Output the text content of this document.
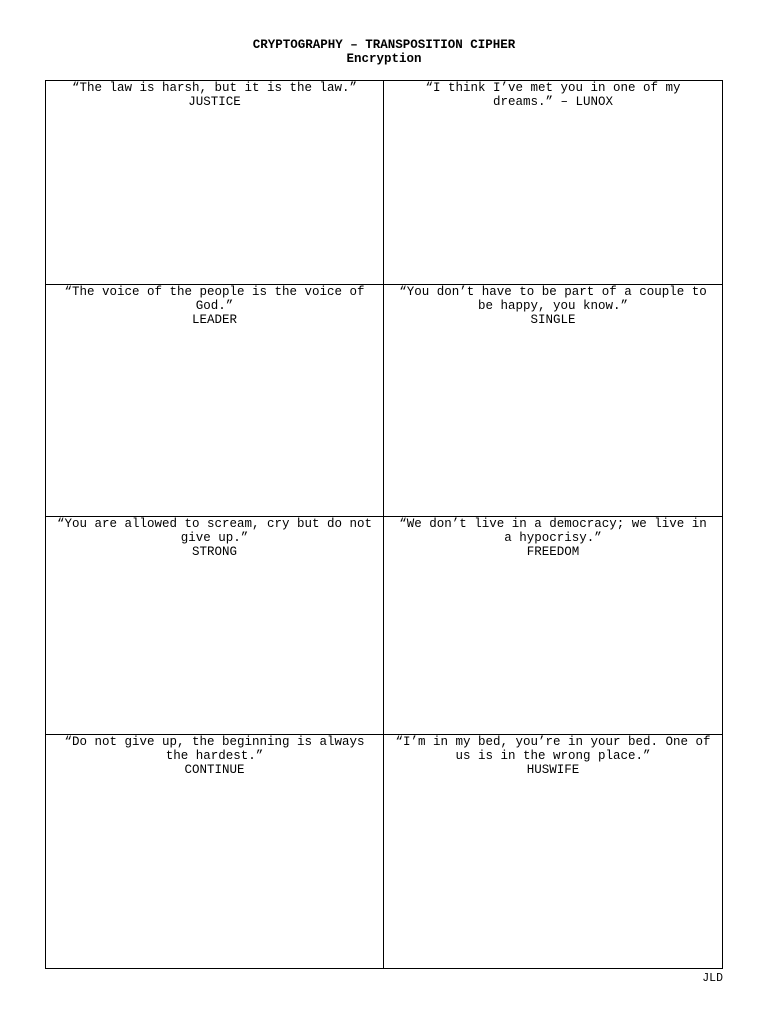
CRYPTOGRAPHY – TRANSPOSITION CIPHER
Encryption
“The law is harsh, but it is the law.”
JUSTICE
“I think I’ve met you in one of my dreams.” – LUNOX
“The voice of the people is the voice of God.”
LEADER
“You don’t have to be part of a couple to be happy, you know.”
SINGLE
“You are allowed to scream, cry but do not give up.”
STRONG
“We don’t live in a democracy; we live in a hypocrisy.”
FREEDOM
“Do not give up, the beginning is always the hardest.”
CONTINUE
“I’m in my bed, you’re in your bed. One of us is in the wrong place.”
HUSWIFE
JLD
